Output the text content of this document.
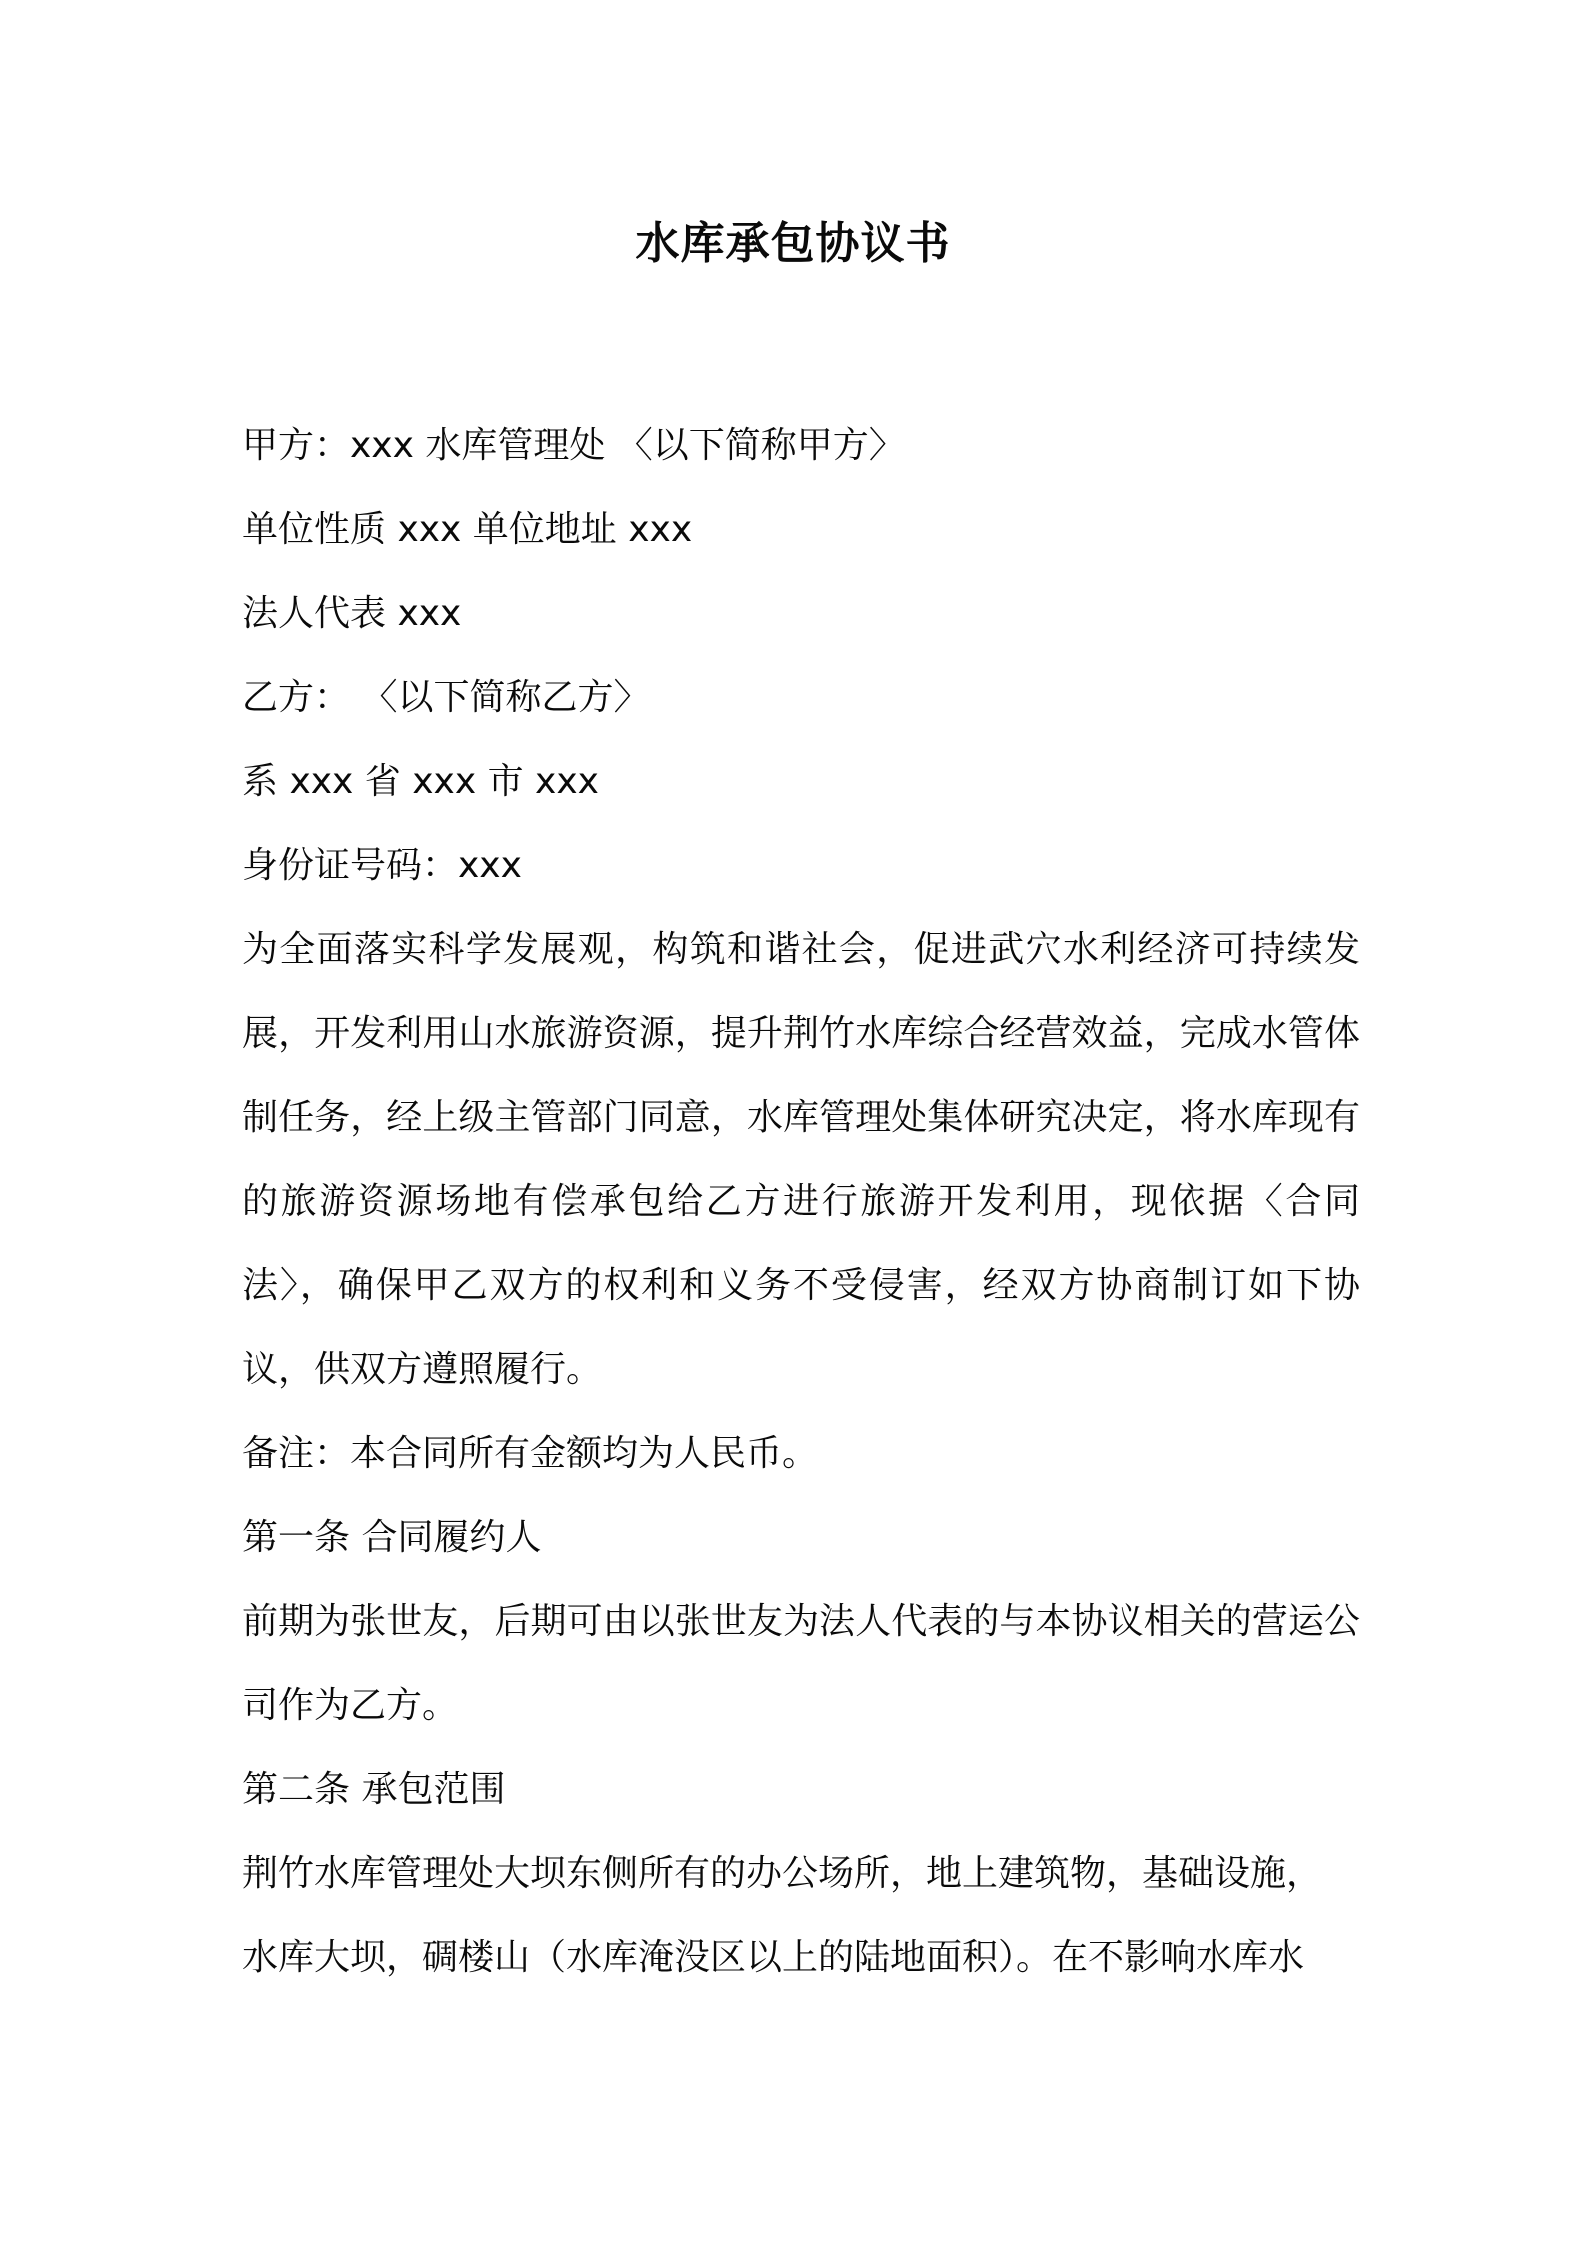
水库承包协议书

甲方：xxx 水库管理处 〈以下简称甲方〉

单位性质 xxx 单位地址 xxx

法人代表 xxx

乙方： 〈以下简称乙方〉

系 xxx 省 xxx 市 xxx

身份证号码：xxx

为全面落实科学发展观，构筑和谐社会，促进武穴水利经济可持续发展，开发利用山水旅游资源，提升荆竹水库综合经营效益，完成水管体制任务，经上级主管部门同意，水库管理处集体研究决定，将水库现有的旅游资源场地有偿承包给乙方进行旅游开发利用，现依据〈合同法〉，确保甲乙双方的权利和义务不受侵害，经双方协商制订如下协议，供双方遵照履行。

备注：本合同所有金额均为人民币。

第一条 合同履约人

前期为张世友，后期可由以张世友为法人代表的与本协议相关的营运公司作为乙方。

第二条 承包范围

荆竹水库管理处大坝东侧所有的办公场所，地上建筑物，基础设施，

水库大坝，碉楼山（水库淹没区以上的陆地面积）。在不影响水库水
